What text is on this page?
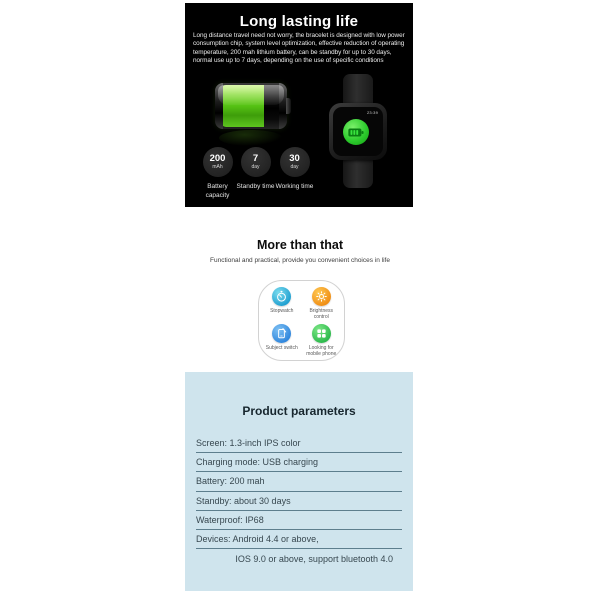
Long lasting life
Long distance travel need not worry, the bracelet is designed with low power consumption chip, system level optimization, effective reduction of operating temperature, 200 mah lithium battery, can be standby for up to 30 days, normal use up to 7 days, depending on the use of specific conditions
23:39
200
mAh
Battery capacity
7
day
Standby time
30
day
Working time
More than that
Functional and practical, provide you convenient choices in life
Stopwatch	Brightness control
Subject switch	Looking for mobile phone
Product parameters
Screen: 1.3-inch IPS color
Charging mode: USB charging
Battery: 200 mah
Standby: about 30 days
Waterproof: IP68
Devices: Android 4.4 or above,
IOS 9.0 or above, support bluetooth 4.0
